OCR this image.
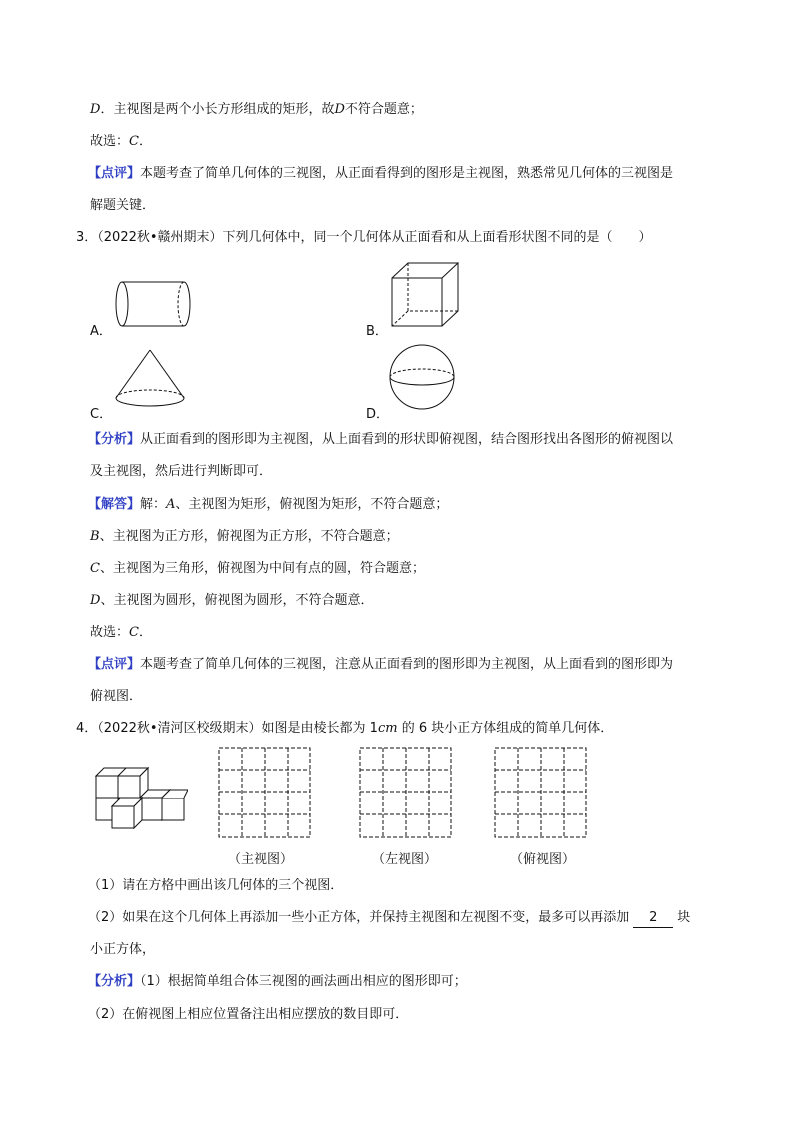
D．主视图是两个小长方形组成的矩形，故D不符合题意；
故选：C．
【点评】本题考查了简单几何体的三视图，从正面看得到的图形是主视图，熟悉常见几何体的三视图是
解题关键．
3．（2022秋•赣州期末）下列几何体中，同一个几何体从正面看和从上面看形状图不同的是（　　）
A．	B．
C．	D．
【分析】从正面看到的图形即为主视图，从上面看到的形状即俯视图，结合图形找出各图形的俯视图以
及主视图，然后进行判断即可．
【解答】解：A、主视图为矩形，俯视图为矩形，不符合题意；
B、主视图为正方形，俯视图为正方形，不符合题意；
C、主视图为三角形，俯视图为中间有点的圆，符合题意；
D、主视图为圆形，俯视图为圆形，不符合题意．
故选：C．
【点评】本题考查了简单几何体的三视图，注意从正面看到的图形即为主视图，从上面看到的图形即为
俯视图．
4．（2022秋•清河区校级期末）如图是由棱长都为 1cm 的 6 块小正方体组成的简单几何体．
（主视图）	（左视图）	（俯视图）
（1）请在方格中画出该几何体的三个视图．
（2）如果在这个几何体上再添加一些小正方体，并保持主视图和左视图不变，最多可以再添加 2 块
小正方体，
【分析】（1）根据简单组合体三视图的画法画出相应的图形即可；
（2）在俯视图上相应位置备注出相应摆放的数目即可．
